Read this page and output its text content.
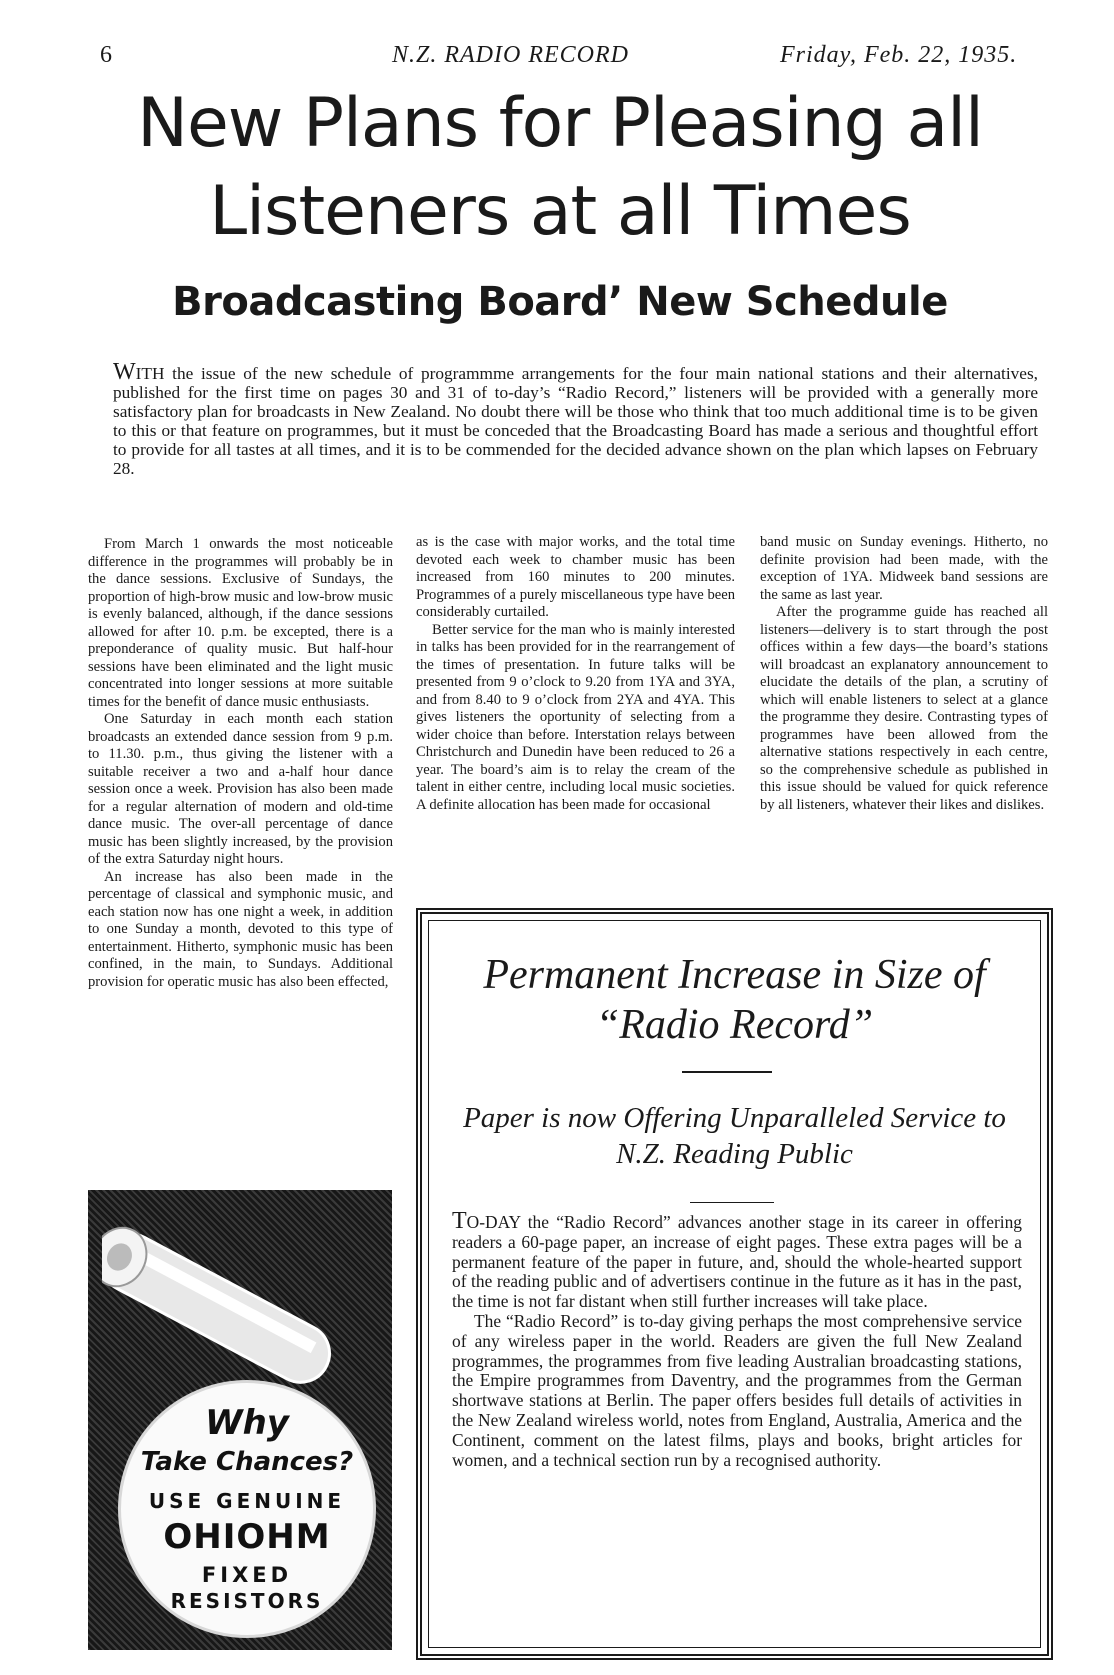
6	N.Z. RADIO RECORD	Friday, Feb. 22, 1935.
New Plans for Pleasing all Listeners at all Times
Broadcasting Board’ New Schedule

WITH the issue of the new schedule of programmme arrangements for the four main national stations and their alternatives, published for the first time on pages 30 and 31 of to-day’s “Radio Record,” listeners will be provided with a generally more satisfactory plan for broadcasts in New Zealand. No doubt there will be those who think that too much additional time is to be given to this or that feature on programmes, but it must be conceded that the Broadcasting Board has made a serious and thoughtful effort to provide for all tastes at all times, and it is to be commended for the decided advance shown on the plan which lapses on February 28.

From March 1 onwards the most noticeable difference in the programmes will probably be in the dance sessions. Exclusive of Sundays, the proportion of high-brow music and low-brow music is evenly balanced, although, if the dance sessions allowed for after 10. p.m. be excepted, there is a preponderance of quality music. But half-hour sessions have been eliminated and the light music concentrated into longer sessions at more suitable times for the benefit of dance music enthusiasts.

One Saturday in each month each station broadcasts an extended dance session from 9 p.m. to 11.30. p.m., thus giving the listener with a suitable receiver a two and a-half hour dance session once a week. Provision has also been made for a regular alternation of modern and old-time dance music. The over-all percentage of dance music has been slightly increased, by the provision of the extra Saturday night hours.

An increase has also been made in the percentage of classical and symphonic music, and each station now has one night a week, in addition to one Sunday a month, devoted to this type of entertainment. Hitherto, symphonic music has been confined, in the main, to Sundays. Additional provision for operatic music has also been effected,

as is the case with major works, and the total time devoted each week to chamber music has been increased from 160 minutes to 200 minutes. Programmes of a purely miscellaneous type have been considerably curtailed.

Better service for the man who is mainly interested in talks has been provided for in the rearrangement of the times of presentation. In future talks will be presented from 9 o’clock to 9.20 from 1YA and 3YA, and from 8.40 to 9 o’clock from 2YA and 4YA. This gives listeners the oportunity of selecting from a wider choice than before. Interstation relays between Christchurch and Dunedin have been reduced to 26 a year. The board’s aim is to relay the cream of the talent in either centre, including local music societies. A definite allocation has been made for occasional

band music on Sunday evenings. Hitherto, no definite provision had been made, with the exception of 1YA. Midweek band sessions are the same as last year.

After the programme guide has reached all listeners—delivery is to start through the post offices within a few days—the board’s stations will broadcast an explanatory announcement to elucidate the details of the plan, a scrutiny of which will enable listeners to select at a glance the programme they desire. Contrasting types of programmes have been allowed from the alternative stations respectively in each centre, so the comprehensive schedule as published in this issue should be valued for quick reference by all listeners, whatever their likes and dislikes.

Why
Take Chances?
USE GENUINE
OHIOHM
FIXED
RESISTORS
Permanent Increase in Size of “Radio Record”
Paper is now Offering Unparalleled Service to N.Z. Reading Public

TO-DAY the “Radio Record” advances another stage in its career in offering readers a 60-page paper, an increase of eight pages. These extra pages will be a permanent feature of the paper in future, and, should the whole-hearted support of the reading public and of advertisers continue in the future as it has in the past, the time is not far distant when still further increases will take place.

The “Radio Record” is to-day giving perhaps the most comprehensive service of any wireless paper in the world. Readers are given the full New Zealand programmes, the programmes from five leading Australian broadcasting stations, the Empire programmes from Daventry, and the programmes from the German shortwave stations at Berlin. The paper offers besides full details of activities in the New Zealand wireless world, notes from England, Australia, America and the Continent, comment on the latest films, plays and books, bright articles for women, and a technical section run by a recognised authority.
